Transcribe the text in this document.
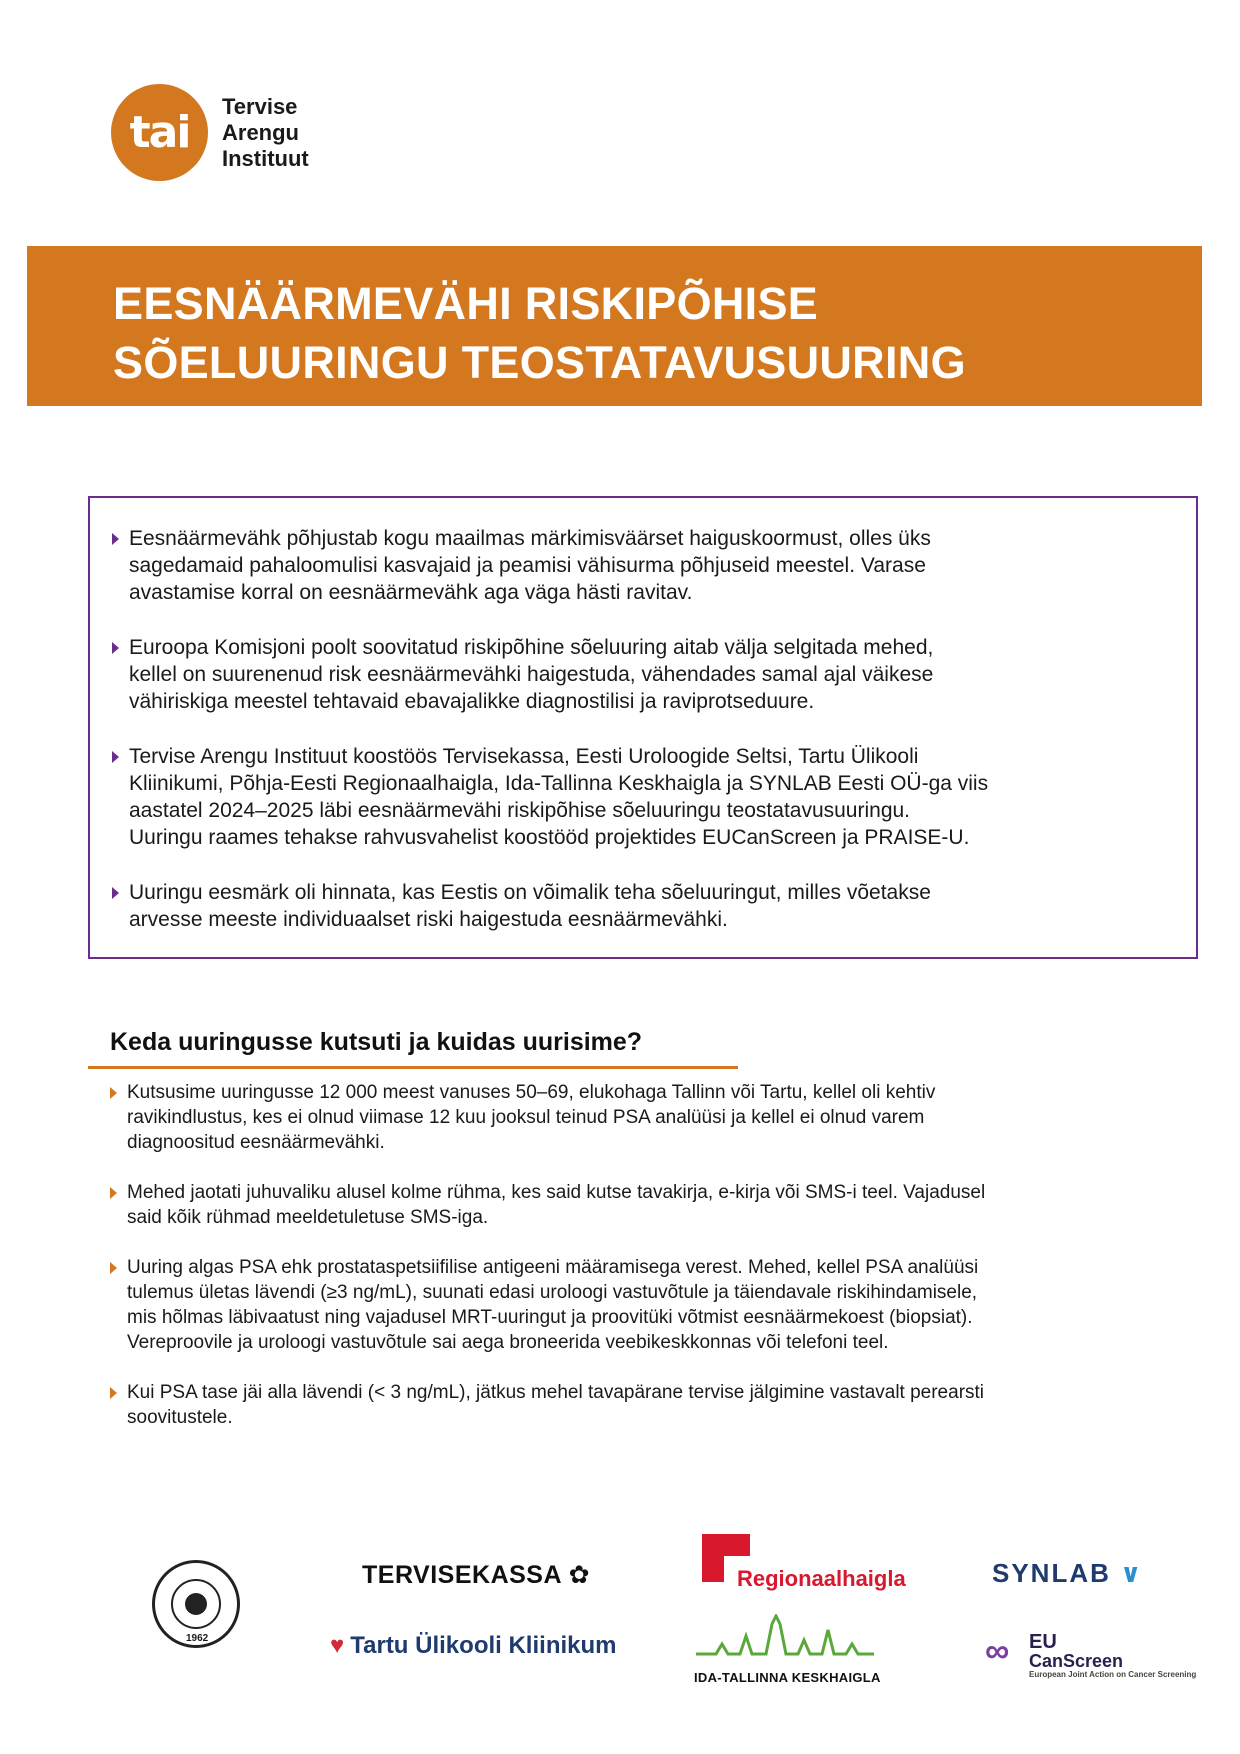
tai
Tervise
Arengu
Instituut
EESNÄÄRMEVÄHI RISKIPÕHISE
SÕELUURINGU TEOSTATAVUSUURING
Eesnäärmevähk põhjustab kogu maailmas märkimisväärset haiguskoormust, olles üks
sagedamaid pahaloomulisi kasvajaid ja peamisi vähisurma põhjuseid meestel. Varase
avastamise korral on eesnäärmevähk aga väga hästi ravitav.
Euroopa Komisjoni poolt soovitatud riskipõhine sõeluuring aitab välja selgitada mehed,
kellel on suurenenud risk eesnäärmevähki haigestuda, vähendades samal ajal väikese
vähiriskiga meestel tehtavaid ebavajalikke diagnostilisi ja raviprotseduure.
Tervise Arengu Instituut koostöös Tervisekassa, Eesti Uroloogide Seltsi, Tartu Ülikooli
Kliinikumi, Põhja-Eesti Regionaalhaigla, Ida-Tallinna Keskhaigla ja SYNLAB Eesti OÜ-ga viis
aastatel 2024–2025 läbi eesnäärmevähi riskipõhise sõeluuringu teostatavusuuringu.
Uuringu raames tehakse rahvusvahelist koostööd projektides EUCanScreen ja PRAISE-U.
Uuringu eesmärk oli hinnata, kas Eestis on võimalik teha sõeluuringut, milles võetakse
arvesse meeste individuaalset riski haigestuda eesnäärmevähki.
Keda uuringusse kutsuti ja kuidas uurisime?
Kutsusime uuringusse 12 000 meest vanuses 50–69, elukohaga Tallinn või Tartu, kellel oli kehtiv
ravikindlustus, kes ei olnud viimase 12 kuu jooksul teinud PSA analüüsi ja kellel ei olnud varem
diagnoositud eesnäärmevähki.
Mehed jaotati juhuvaliku alusel kolme rühma, kes said kutse tavakirja, e-kirja või SMS-i teel. Vajadusel
said kõik rühmad meeldetuletuse SMS-iga.
Uuring algas PSA ehk prostataspetsiifilise antigeeni määramisega verest. Mehed, kellel PSA analüüsi
tulemus ületas lävendi (≥3 ng/mL), suunati edasi uroloogi vastuvõtule ja täiendavale riskihindamisele,
mis hõlmas läbivaatust ning vajadusel MRT-uuringut ja proovitüki võtmist eesnäärmekoest (biopsiat).
Vereproovile ja uroloogi vastuvõtule sai aega broneerida veebikeskkonnas või telefoni teel.
Kui PSA tase jäi alla lävendi (< 3 ng/mL), jätkus mehel tavapärane tervise jälgimine vastavalt perearsti
soovitustele.
1962
TERVISEKASSA ✿
♥ Tartu Ülikooli Kliinikum
Regionaalhaigla
IDA-TALLINNA KESKHAIGLA
SYNLAB ∨
∞ EU
CanScreen
European Joint Action on Cancer Screening
